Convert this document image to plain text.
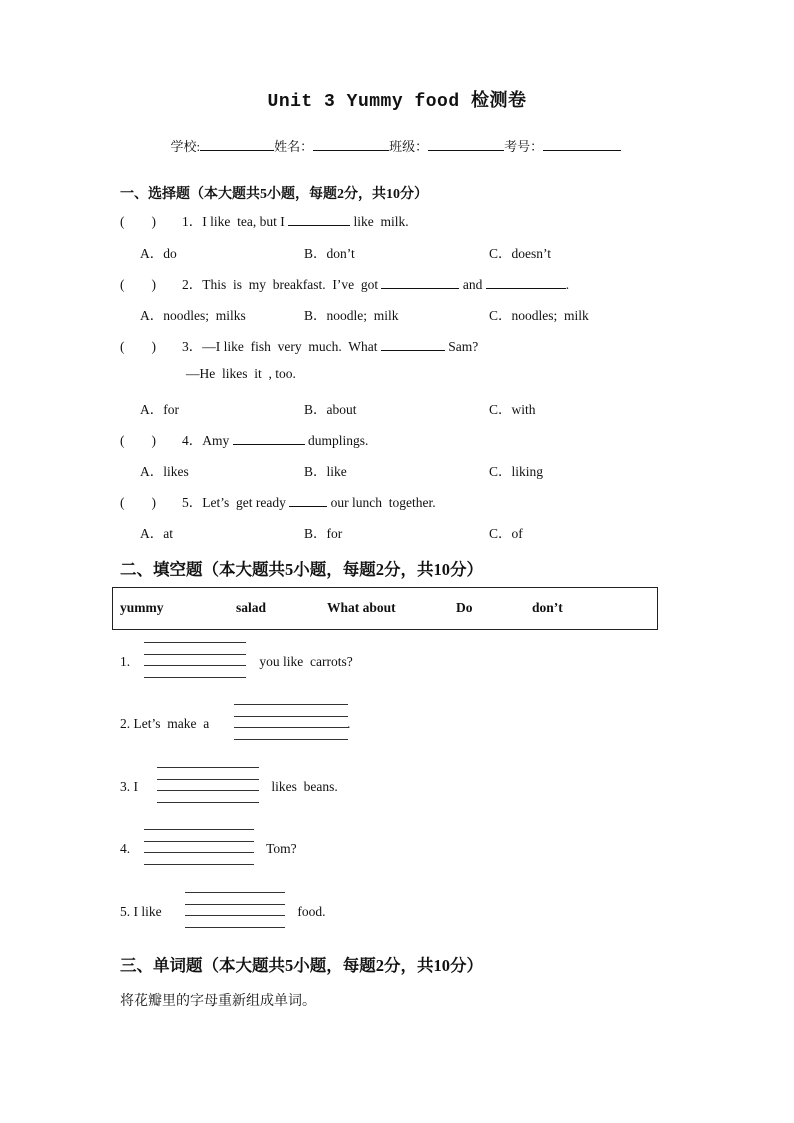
Unit 3 Yummy food 检测卷

学校:	姓名：	班级：	考号：

一、选择题（本大题共5小题，每题2分，共10分）
(　　) 1．I like  tea, but I	like  milk.
A．do	B．don’t	C．doesn’t
(　　) 2．This  is  my  breakfast.  I’ve  got	and	.
A．noodles;  milks	B．noodle;  milk	C．noodles;  milk
(　　) 3．—I like  fish  very  much.  What	Sam?
—He  likes  it  , too.
A．for	B．about	C．with
(　　) 4．Amy	dumplings.
A．likes	B．like	C．liking
(　　) 5．Let’s  get ready	our lunch  together.
A．at	B．for	C．of
二、填空题（本大题共5小题，每题2分，共10分）
yummy	salad	What about	Do	don’t
1.	you like  carrots?
2. Let’s  make  a	.
3. I	likes  beans.
4.	Tom?
5. I like	food.
三、单词题（本大题共5小题，每题2分，共10分）
将花瓣里的字母重新组成单词。
